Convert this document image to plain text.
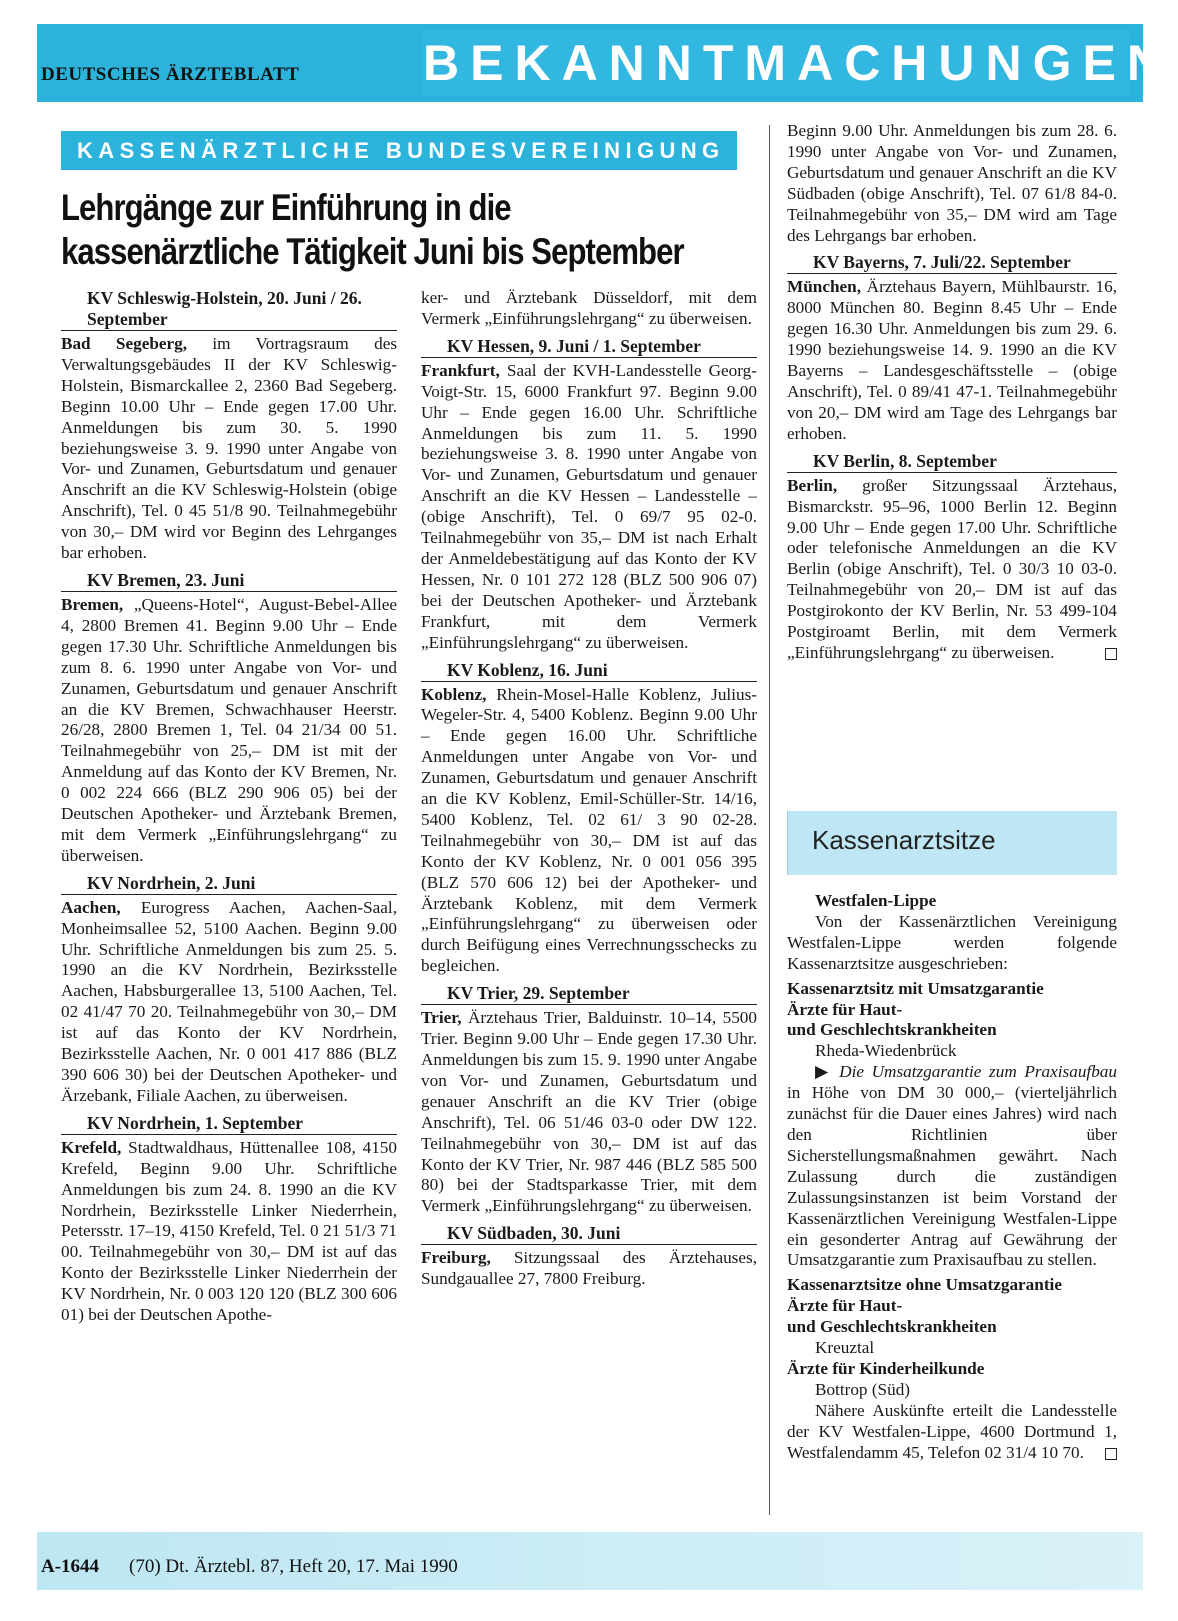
DEUTSCHES ÄRZTEBLATT BEKANNTMACHUNGEN
KASSENÄRZTLICHE BUNDESVEREINIGUNG
Lehrgänge zur Einführung in die
kassenärztliche Tätigkeit Juni bis September
KV Schleswig-Holstein, 20. Juni / 26. September

Bad Segeberg, im Vortragsraum des Verwaltungsgebäudes II der KV Schleswig-Holstein, Bismarckallee 2, 2360 Bad Segeberg. Beginn 10.00 Uhr – Ende gegen 17.00 Uhr. Anmeldungen bis zum 30. 5. 1990 beziehungsweise 3. 9. 1990 unter Angabe von Vor- und Zunamen, Geburtsdatum und genauer Anschrift an die KV Schleswig-Holstein (obige Anschrift), Tel. 0 45 51/8 90. Teilnahmegebühr von 30,– DM wird vor Beginn des Lehrganges bar erhoben.

KV Bremen, 23. Juni

Bremen, „Queens-Hotel“, August-Bebel-Allee 4, 2800 Bremen 41. Beginn 9.00 Uhr – Ende gegen 17.30 Uhr. Schriftliche Anmeldungen bis zum 8. 6. 1990 unter Angabe von Vor- und Zunamen, Geburtsdatum und genauer Anschrift an die KV Bremen, Schwachhauser Heerstr. 26/28, 2800 Bremen 1, Tel. 04 21/34 00 51. Teilnahmegebühr von 25,– DM ist mit der Anmeldung auf das Konto der KV Bremen, Nr. 0 002 224 666 (BLZ 290 906 05) bei der Deutschen Apotheker- und Ärztebank Bremen, mit dem Vermerk „Einführungslehrgang“ zu überweisen.

KV Nordrhein, 2. Juni

Aachen, Eurogress Aachen, Aachen-Saal, Monheimsallee 52, 5100 Aachen. Beginn 9.00 Uhr. Schriftliche Anmeldungen bis zum 25. 5. 1990 an die KV Nordrhein, Bezirksstelle Aachen, Habsburgerallee 13, 5100 Aachen, Tel. 02 41/47 70 20. Teilnahmegebühr von 30,– DM ist auf das Konto der KV Nordrhein, Bezirksstelle Aachen, Nr. 0 001 417 886 (BLZ 390 606 30) bei der Deutschen Apotheker- und Ärzebank, Filiale Aachen, zu überweisen.

KV Nordrhein, 1. September

Krefeld, Stadtwaldhaus, Hüttenallee 108, 4150 Krefeld, Beginn 9.00 Uhr. Schriftliche Anmeldungen bis zum 24. 8. 1990 an die KV Nordrhein, Bezirksstelle Linker Niederrhein, Petersstr. 17–19, 4150 Krefeld, Tel. 0 21 51/3 71 00. Teilnahmegebühr von 30,– DM ist auf das Konto der Bezirksstelle Linker Niederrhein der KV Nordrhein, Nr. 0 003 120 120 (BLZ 300 606 01) bei der Deutschen Apothe-

ker- und Ärztebank Düsseldorf, mit dem Vermerk „Einführungslehrgang“ zu überweisen.

KV Hessen, 9. Juni / 1. September

Frankfurt, Saal der KVH-Landesstelle Georg-Voigt-Str. 15, 6000 Frankfurt 97. Beginn 9.00 Uhr – Ende gegen 16.00 Uhr. Schriftliche Anmeldungen bis zum 11. 5. 1990 beziehungsweise 3. 8. 1990 unter Angabe von Vor- und Zunamen, Geburtsdatum und genauer Anschrift an die KV Hessen – Landesstelle – (obige Anschrift), Tel. 0 69/7 95 02-0. Teilnahmegebühr von 35,– DM ist nach Erhalt der Anmeldebestätigung auf das Konto der KV Hessen, Nr. 0 101 272 128 (BLZ 500 906 07) bei der Deutschen Apotheker- und Ärztebank Frankfurt, mit dem Vermerk „Einführungslehrgang“ zu überweisen.

KV Koblenz, 16. Juni

Koblenz, Rhein-Mosel-Halle Koblenz, Julius-Wegeler-Str. 4, 5400 Koblenz. Beginn 9.00 Uhr – Ende gegen 16.00 Uhr. Schriftliche Anmeldungen unter Angabe von Vor- und Zunamen, Geburtsdatum und genauer Anschrift an die KV Koblenz, Emil-Schüller-Str. 14/16, 5400 Koblenz, Tel. 02 61/ 3 90 02-28. Teilnahmegebühr von 30,– DM ist auf das Konto der KV Koblenz, Nr. 0 001 056 395 (BLZ 570 606 12) bei der Apotheker- und Ärztebank Koblenz, mit dem Vermerk „Einführungslehrgang“ zu überweisen oder durch Beifügung eines Verrechnungsschecks zu begleichen.

KV Trier, 29. September

Trier, Ärztehaus Trier, Balduinstr. 10–14, 5500 Trier. Beginn 9.00 Uhr – Ende gegen 17.30 Uhr. Anmeldungen bis zum 15. 9. 1990 unter Angabe von Vor- und Zunamen, Geburtsdatum und genauer Anschrift an die KV Trier (obige Anschrift), Tel. 06 51/46 03-0 oder DW 122. Teilnahmegebühr von 30,– DM ist auf das Konto der KV Trier, Nr. 987 446 (BLZ 585 500 80) bei der Stadtsparkasse Trier, mit dem Vermerk „Einführungslehrgang“ zu überweisen.

KV Südbaden, 30. Juni

Freiburg, Sitzungssaal des Ärztehauses, Sundgauallee 27, 7800 Freiburg.

Beginn 9.00 Uhr. Anmeldungen bis zum 28. 6. 1990 unter Angabe von Vor- und Zunamen, Geburtsdatum und genauer Anschrift an die KV Südbaden (obige Anschrift), Tel. 07 61/8 84-0. Teilnahmegebühr von 35,– DM wird am Tage des Lehrgangs bar erhoben.

KV Bayerns, 7. Juli/22. September

München, Ärztehaus Bayern, Mühlbaurstr. 16, 8000 München 80. Beginn 8.45 Uhr – Ende gegen 16.30 Uhr. Anmeldungen bis zum 29. 6. 1990 beziehungsweise 14. 9. 1990 an die KV Bayerns – Landesgeschäftsstelle – (obige Anschrift), Tel. 0 89/41 47-1. Teilnahmegebühr von 20,– DM wird am Tage des Lehrgangs bar erhoben.

KV Berlin, 8. September

Berlin, großer Sitzungssaal Ärztehaus, Bismarckstr. 95–96, 1000 Berlin 12. Beginn 9.00 Uhr – Ende gegen 17.00 Uhr. Schriftliche oder telefonische Anmeldungen an die KV Berlin (obige Anschrift), Tel. 0 30/3 10 03-0. Teilnahmegebühr von 20,– DM ist auf das Postgirokonto der KV Berlin, Nr. 53 499-104 Postgiroamt Berlin, mit dem Vermerk „Einführungslehrgang“ zu überweisen.

Kassenarztsitze

Westfalen-Lippe

Von der Kassenärztlichen Vereinigung Westfalen-Lippe werden folgende Kassenarztsitze ausgeschrieben:

Kassenarztsitz mit Umsatzgarantie

Ärzte für Haut-

und Geschlechtskrankheiten

Rheda-Wiedenbrück

▶ Die Umsatzgarantie zum Praxisaufbau in Höhe von DM 30 000,– (vierteljährlich zunächst für die Dauer eines Jahres) wird nach den Richtlinien über Sicherstellungsmaßnahmen gewährt. Nach Zulassung durch die zuständigen Zulassungsinstanzen ist beim Vorstand der Kassenärztlichen Vereinigung Westfalen-Lippe ein gesonderter Antrag auf Gewährung der Umsatzgarantie zum Praxisaufbau zu stellen.

Kassenarztsitze ohne Umsatzgarantie

Ärzte für Haut-

und Geschlechtskrankheiten

Kreuztal

Ärzte für Kinderheilkunde

Bottrop (Süd)

Nähere Auskünfte erteilt die Landesstelle der KV Westfalen-Lippe, 4600 Dortmund 1, Westfalendamm 45, Telefon 02 31/4 10 70.

A-1644 (70) Dt. Ärztebl. 87, Heft 20, 17. Mai 1990
